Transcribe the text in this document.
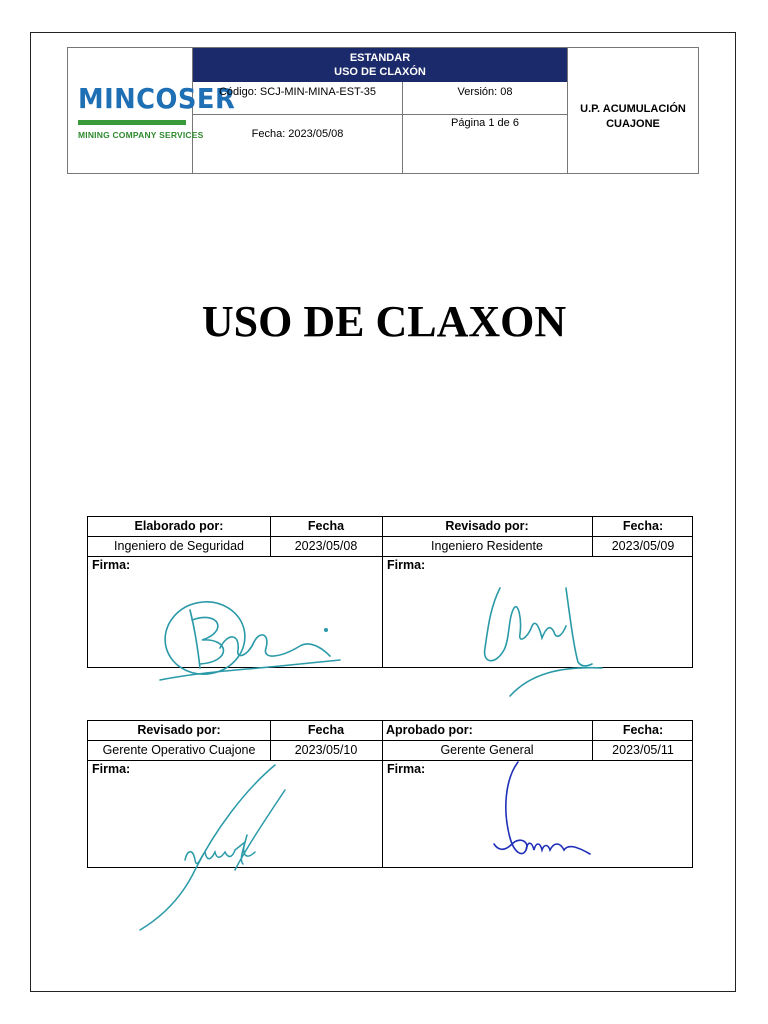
MINCOSER
MINING COMPANY SERVICES
ESTANDAR
USO DE CLAXÓN
Código: SCJ-MIN-MINA-EST-35	Versión: 08
Fecha: 2023/05/08
Página 1 de 6
U.P. ACUMULACIÓN
CUAJONE
USO DE CLAXON
Elaborado por:	Fecha	Revisado por:	Fecha:
Ingeniero de Seguridad	2023/05/08	Ingeniero Residente	2023/05/09
Firma:	Firma:
Revisado por:	Fecha	Aprobado por:	Fecha:
Gerente Operativo Cuajone	2023/05/10	Gerente General	2023/05/11
Firma:	Firma:
